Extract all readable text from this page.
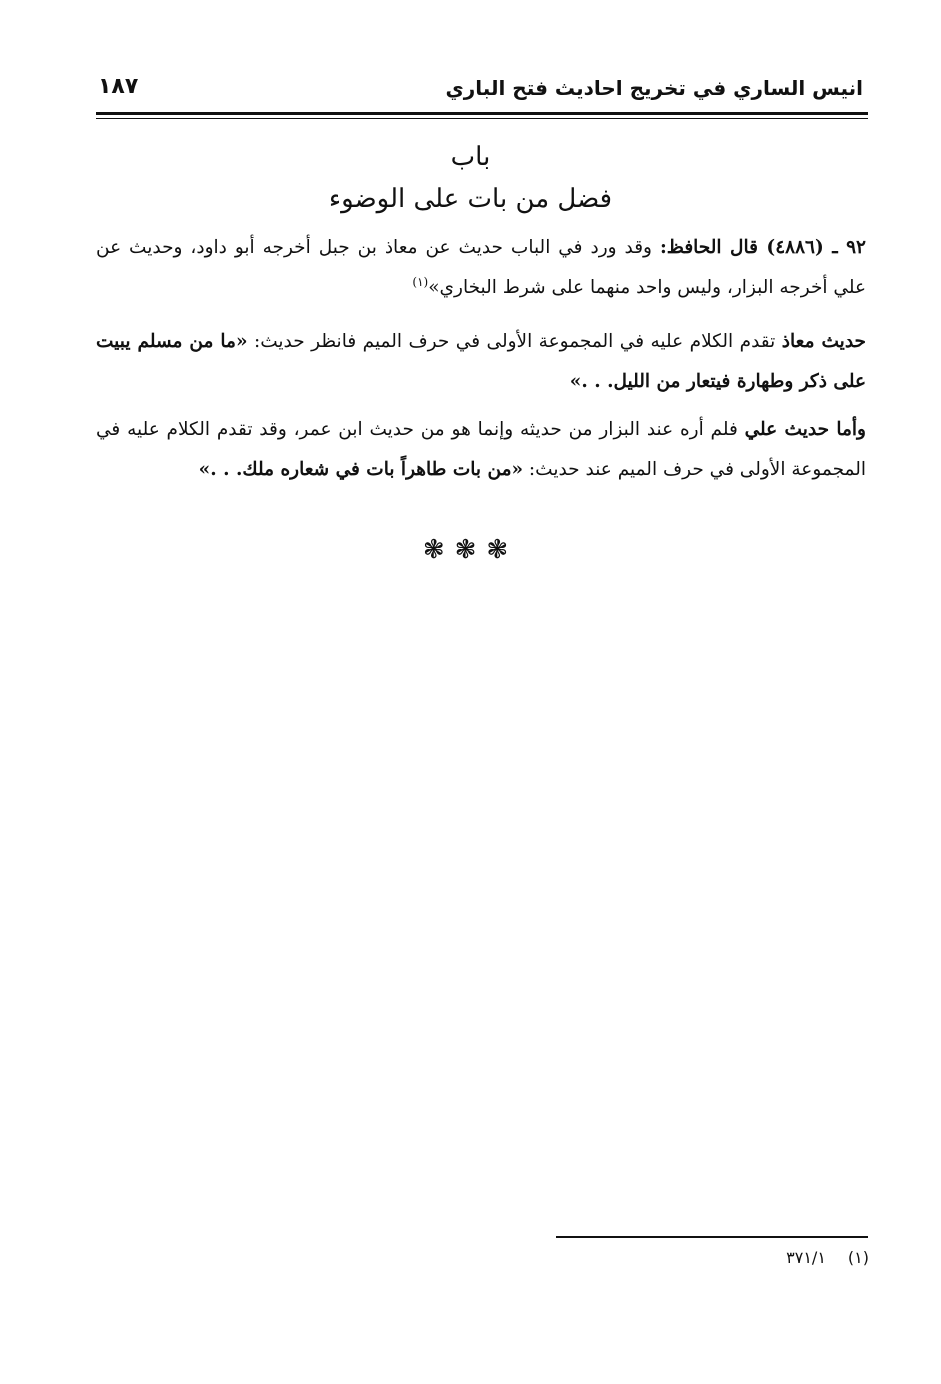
انيس الساري في تخريج احاديث فتح الباري
١٨٧
باب
فضل من بات على الوضوء
٩٢ ـ (٤٨٨٦) قال الحافظ: وقد ورد في الباب حديث عن معاذ بن جبل أخرجه أبو داود، وحديث عن علي أخرجه البزار، وليس واحد منهما على شرط البخاري»$^{(١)}$
حديث معاذ تقدم الكلام عليه في المجموعة الأولى في حرف الميم فانظر حديث: «ما من مسلم يبيت على ذكر وطهارة فيتعار من الليل. . .»
وأما حديث علي فلم أره عند البزار من حديثه وإنما هو من حديث ابن عمر، وقد تقدم الكلام عليه في المجموعة الأولى في حرف الميم عند حديث: «من بات طاهراً بات في شعاره ملك. . .»
❃❃❃
(١)٣٧١/١
